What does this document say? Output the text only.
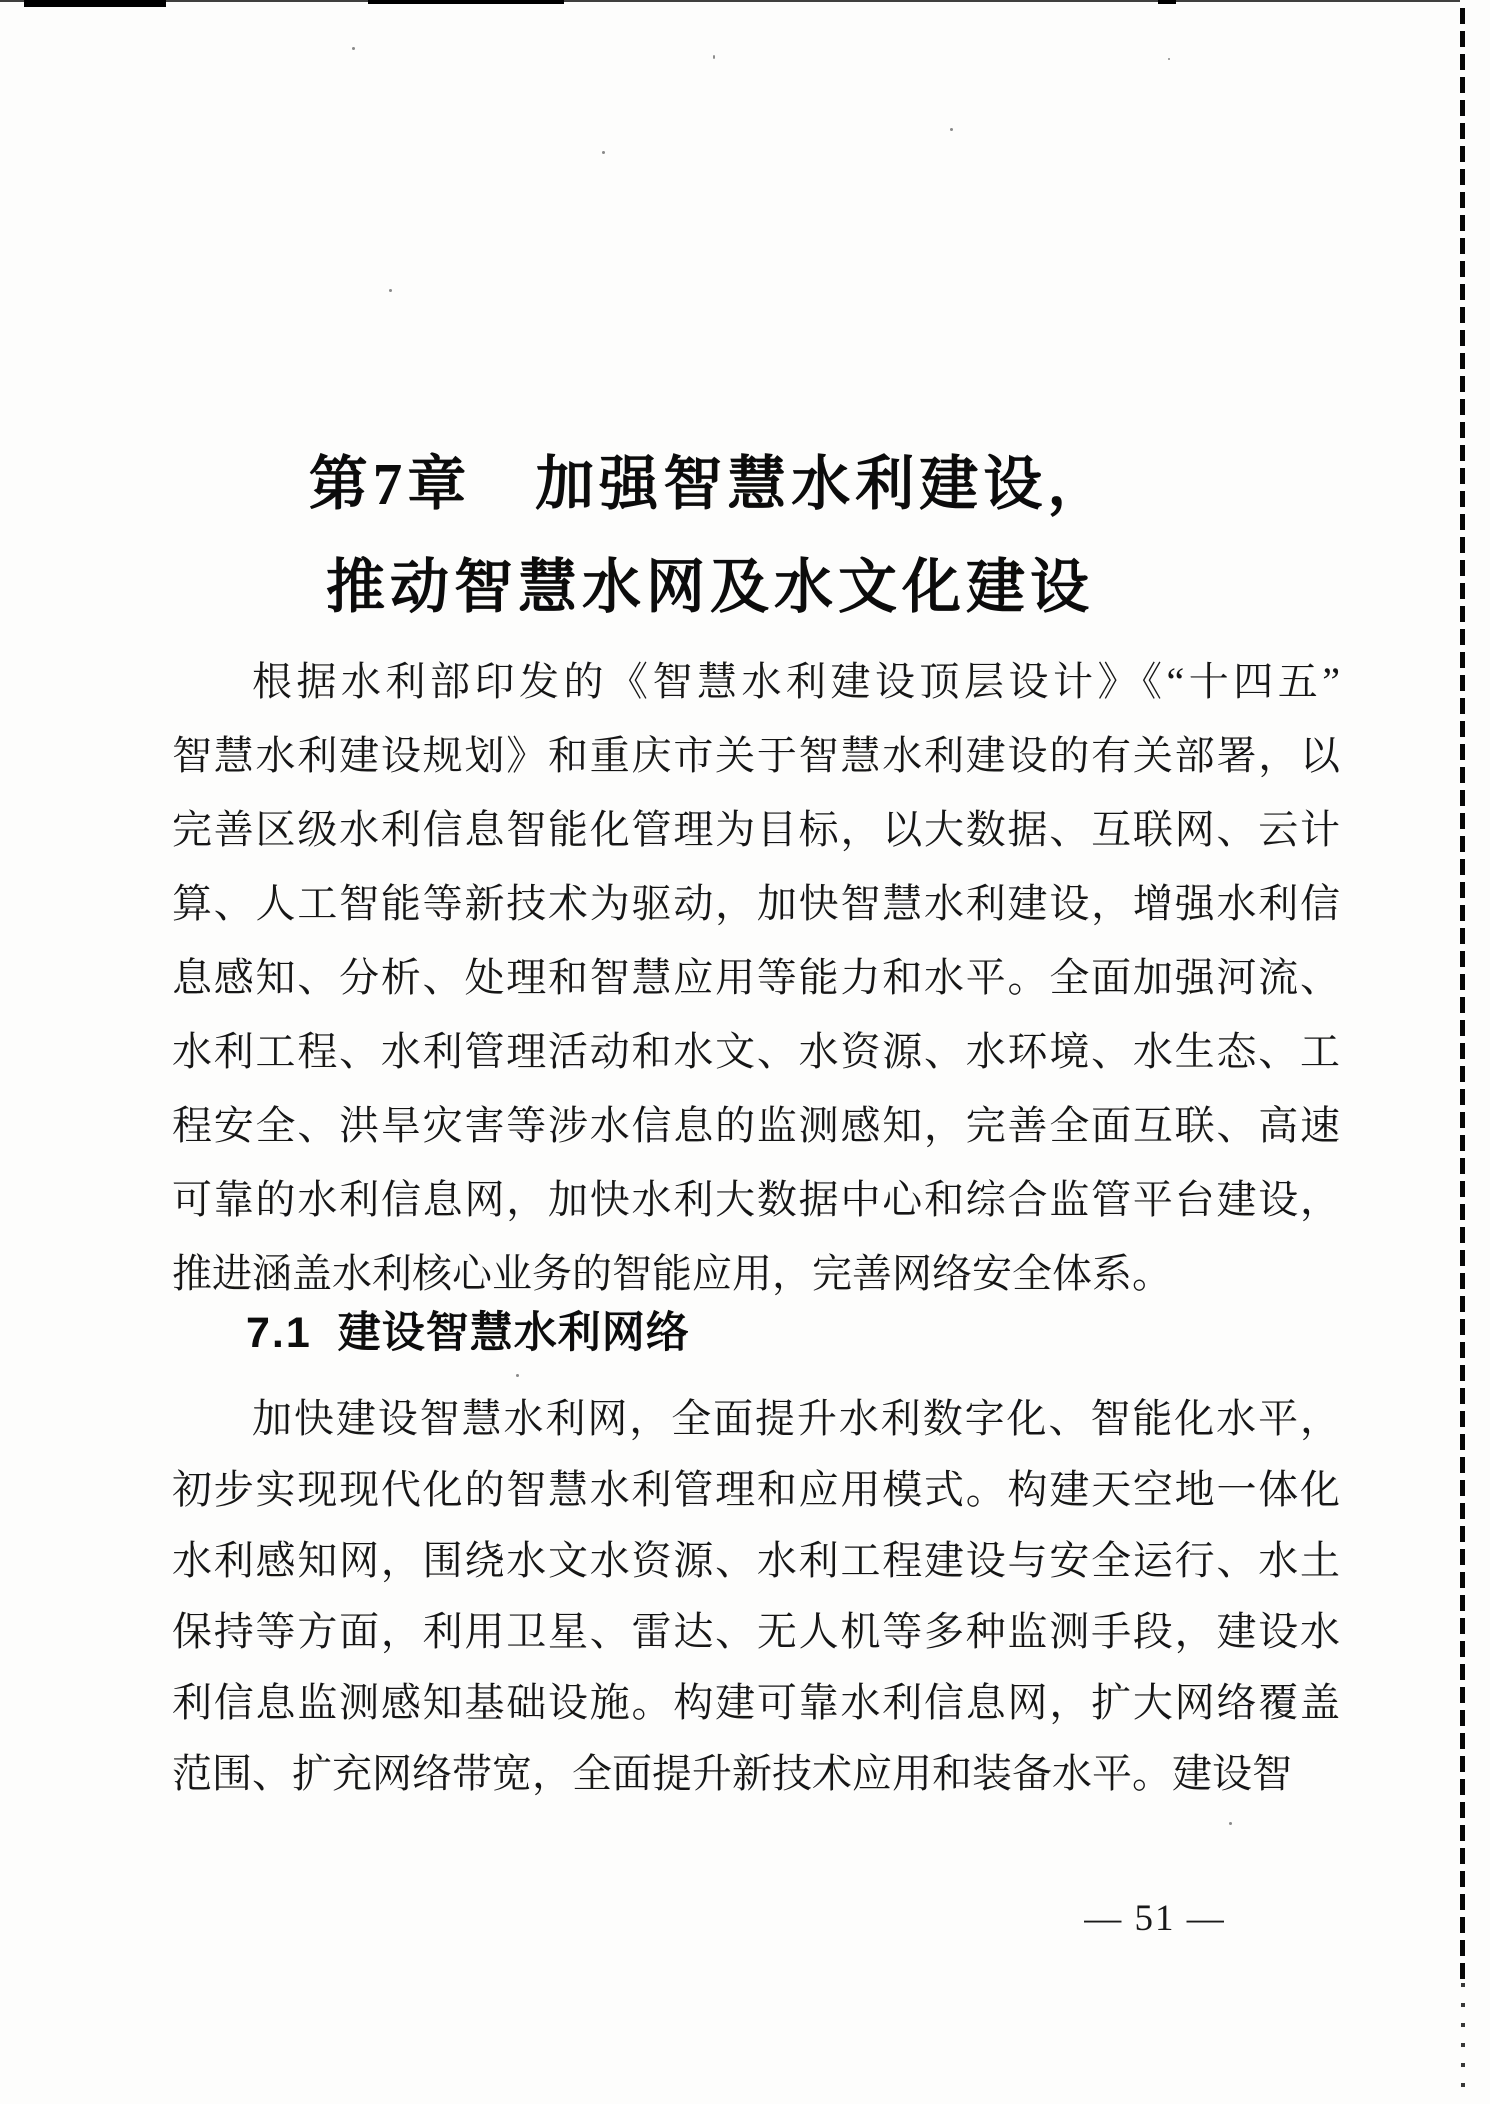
第7章　加强智慧水利建设，
推动智慧水网及水文化建设
根据水利部印发的《智慧水利建设顶层设计》《“十四五”
智慧水利建设规划》和重庆市关于智慧水利建设的有关部署，以
完善区级水利信息智能化管理为目标，以大数据、互联网、云计
算、人工智能等新技术为驱动，加快智慧水利建设，增强水利信
息感知、分析、处理和智慧应用等能力和水平。全面加强河流、
水利工程、水利管理活动和水文、水资源、水环境、水生态、工
程安全、洪旱灾害等涉水信息的监测感知，完善全面互联、高速
可靠的水利信息网，加快水利大数据中心和综合监管平台建设，
推进涵盖水利核心业务的智能应用，完善网络安全体系。
7.1 建设智慧水利网络
加快建设智慧水利网，全面提升水利数字化、智能化水平，
初步实现现代化的智慧水利管理和应用模式。构建天空地一体化
水利感知网，围绕水文水资源、水利工程建设与安全运行、水土
保持等方面，利用卫星、雷达、无人机等多种监测手段，建设水
利信息监测感知基础设施。构建可靠水利信息网，扩大网络覆盖
范围、扩充网络带宽，全面提升新技术应用和装备水平。建设智
— 51 —
